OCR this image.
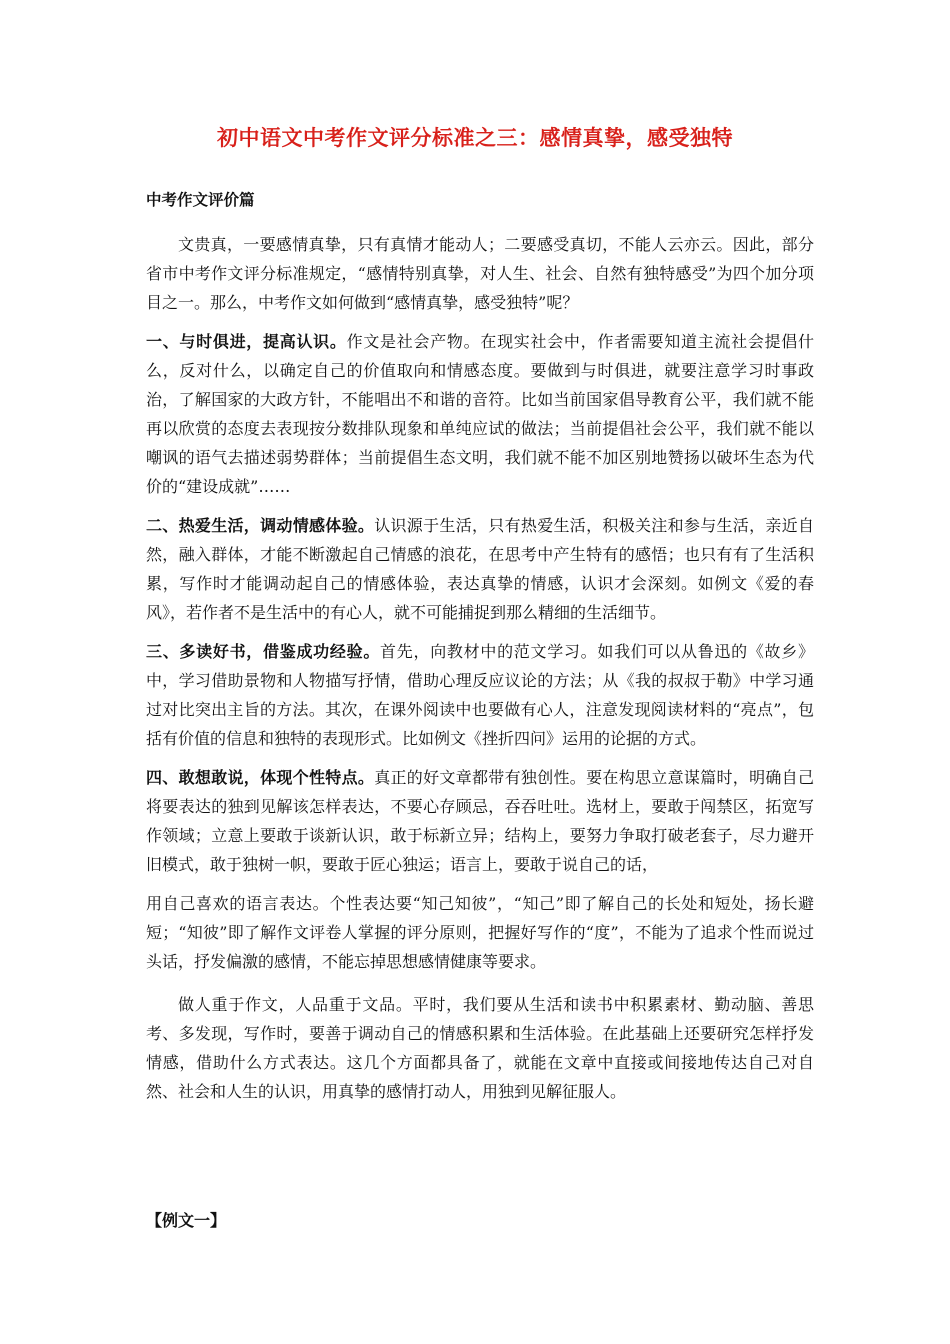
初中语文中考作文评分标准之三：感情真挚，感受独特
中考作文评价篇

文贵真，一要感情真挚，只有真情才能动人；二要感受真切，不能人云亦云。因此，部分省市中考作文评分标准规定，“感情特别真挚，对人生、社会、自然有独特感受”为四个加分项目之一。那么，中考作文如何做到“感情真挚，感受独特”呢？

一、与时俱进，提高认识。作文是社会产物。在现实社会中，作者需要知道主流社会提倡什么，反对什么，以确定自己的价值取向和情感态度。要做到与时俱进，就要注意学习时事政治，了解国家的大政方针，不能唱出不和谐的音符。比如当前国家倡导教育公平，我们就不能再以欣赏的态度去表现按分数排队现象和单纯应试的做法；当前提倡社会公平，我们就不能以嘲讽的语气去描述弱势群体；当前提倡生态文明，我们就不能不加区别地赞扬以破坏生态为代价的“建设成就”……

二、热爱生活，调动情感体验。认识源于生活，只有热爱生活，积极关注和参与生活，亲近自然，融入群体，才能不断激起自己情感的浪花，在思考中产生特有的感悟；也只有有了生活积累，写作时才能调动起自己的情感体验，表达真挚的情感，认识才会深刻。如例文《爱的春风》，若作者不是生活中的有心人，就不可能捕捉到那么精细的生活细节。

三、多读好书，借鉴成功经验。首先，向教材中的范文学习。如我们可以从鲁迅的《故乡》中，学习借助景物和人物描写抒情，借助心理反应议论的方法；从《我的叔叔于勒》中学习通过对比突出主旨的方法。其次，在课外阅读中也要做有心人，注意发现阅读材料的“亮点”，包括有价值的信息和独特的表现形式。比如例文《挫折四问》运用的论据的方式。

四、敢想敢说，体现个性特点。真正的好文章都带有独创性。要在构思立意谋篇时，明确自己将要表达的独到见解该怎样表达，不要心存顾忌，吞吞吐吐。选材上，要敢于闯禁区，拓宽写作领域；立意上要敢于谈新认识，敢于标新立异；结构上，要努力争取打破老套子，尽力避开旧模式，敢于独树一帜，要敢于匠心独运；语言上，要敢于说自己的话，

用自己喜欢的语言表达。个性表达要“知己知彼”，“知己”即了解自己的长处和短处，扬长避短；“知彼”即了解作文评卷人掌握的评分原则，把握好写作的“度”，不能为了追求个性而说过头话，抒发偏激的感情，不能忘掉思想感情健康等要求。

做人重于作文，人品重于文品。平时，我们要从生活和读书中积累素材、勤动脑、善思考、多发现，写作时，要善于调动自己的情感积累和生活体验。在此基础上还要研究怎样抒发情感，借助什么方式表达。这几个方面都具备了，就能在文章中直接或间接地传达自己对自然、社会和人生的认识，用真挚的感情打动人，用独到见解征服人。

【例文一】
